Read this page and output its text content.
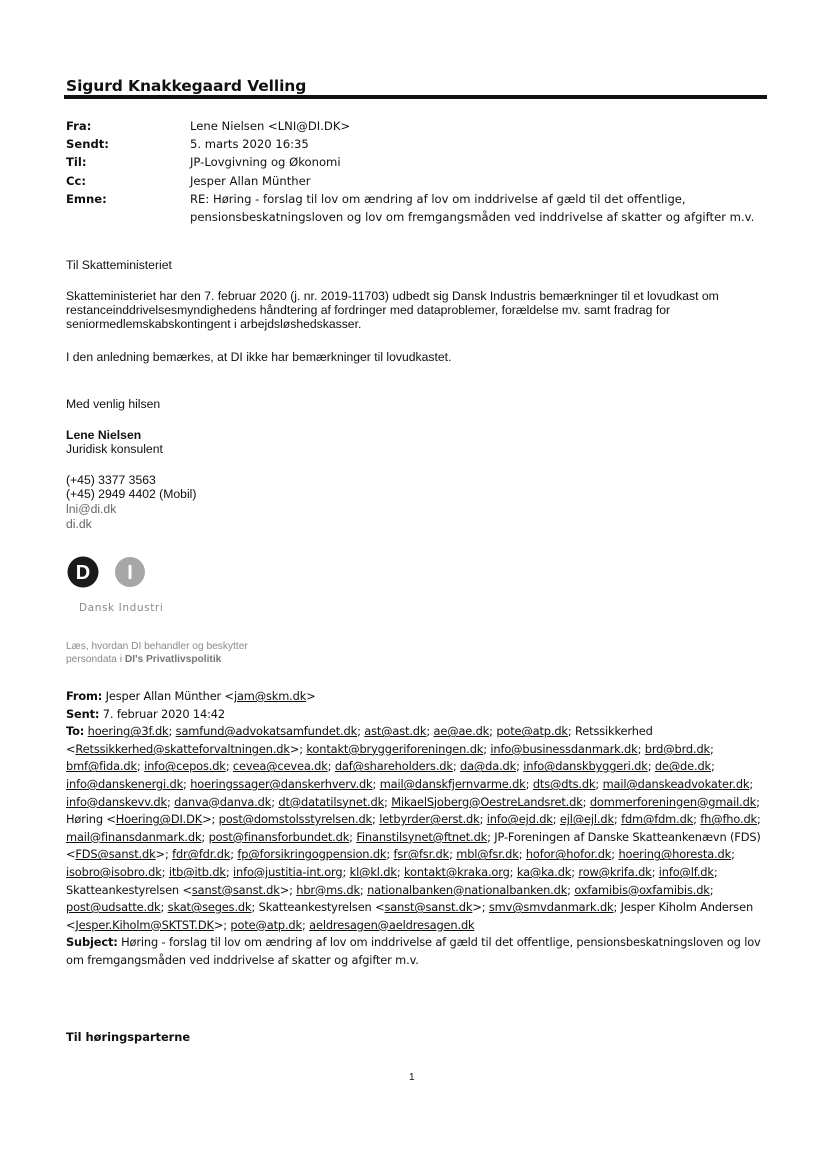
Sigurd Knakkegaard Velling
Fra:	Lene Nielsen <LNI@DI.DK>
Sendt:	5. marts 2020 16:35
Til:	JP-Lovgivning og Økonomi
Cc:	Jesper Allan Münther
Emne:	RE: Høring - forslag til lov om ændring af lov om inddrivelse af gæld til det offentlige, pensionsbeskatningsloven og lov om fremgangsmåden ved inddrivelse af skatter og afgifter m.v.
Til Skatteministeriet
Skatteministeriet har den 7. februar 2020 (j. nr. 2019-11703) udbedt sig Dansk Industris bemærkninger til et lovudkast om restanceinddrivelsesmyndighedens håndtering af fordringer med dataproblemer, forældelse mv. samt fradrag for seniormedlemskabskontingent i arbejdsløshedskasser.
I den anledning bemærkes, at DI ikke har bemærkninger til lovudkastet.
Med venlig hilsen
Lene Nielsen
Juridisk konsulent
(+45) 3377 3563
(+45) 2949 4402 (Mobil)
lni@di.dk
di.dk
D I
Dansk Industri
Læs, hvordan DI behandler og beskytter
persondata i DI's Privatlivspolitik
From: Jesper Allan Münther <jam@skm.dk>
Sent: 7. februar 2020 14:42
To: hoering@3f.dk; samfund@advokatsamfundet.dk; ast@ast.dk; ae@ae.dk; pote@atp.dk; Retssikkerhed <Retssikkerhed@skatteforvaltningen.dk>; kontakt@bryggeriforeningen.dk; info@businessdanmark.dk; brd@brd.dk; bmf@fida.dk; info@cepos.dk; cevea@cevea.dk; daf@shareholders.dk; da@da.dk; info@danskbyggeri.dk; de@de.dk; info@danskenergi.dk; hoeringssager@danskerhverv.dk; mail@danskfjernvarme.dk; dts@dts.dk; mail@danskeadvokater.dk; info@danskevv.dk; danva@danva.dk; dt@datatilsynet.dk; MikaelSjoberg@OestreLandsret.dk; dommerforeningen@gmail.dk; Høring <Hoering@DI.DK>; post@domstolsstyrelsen.dk; letbyrder@erst.dk; info@ejd.dk; ejl@ejl.dk; fdm@fdm.dk; fh@fho.dk; mail@finansdanmark.dk; post@finansforbundet.dk; Finanstilsynet@ftnet.dk; JP-Foreningen af Danske Skatteankenævn (FDS) <FDS@sanst.dk>; fdr@fdr.dk; fp@forsikringogpension.dk; fsr@fsr.dk; mbl@fsr.dk; hofor@hofor.dk; hoering@horesta.dk; isobro@isobro.dk; itb@itb.dk; info@justitia-int.org; kl@kl.dk; kontakt@kraka.org; ka@ka.dk; row@krifa.dk; info@lf.dk; Skatteankestyrelsen <sanst@sanst.dk>; hbr@ms.dk; nationalbanken@nationalbanken.dk; oxfamibis@oxfamibis.dk; post@udsatte.dk; skat@seges.dk; Skatteankestyrelsen <sanst@sanst.dk>; smv@smvdanmark.dk; Jesper Kiholm Andersen <Jesper.Kiholm@SKTST.DK>; pote@atp.dk; aeldresagen@aeldresagen.dk
Subject: Høring - forslag til lov om ændring af lov om inddrivelse af gæld til det offentlige, pensionsbeskatningsloven og lov om fremgangsmåden ved inddrivelse af skatter og afgifter m.v.
Til høringsparterne
1
